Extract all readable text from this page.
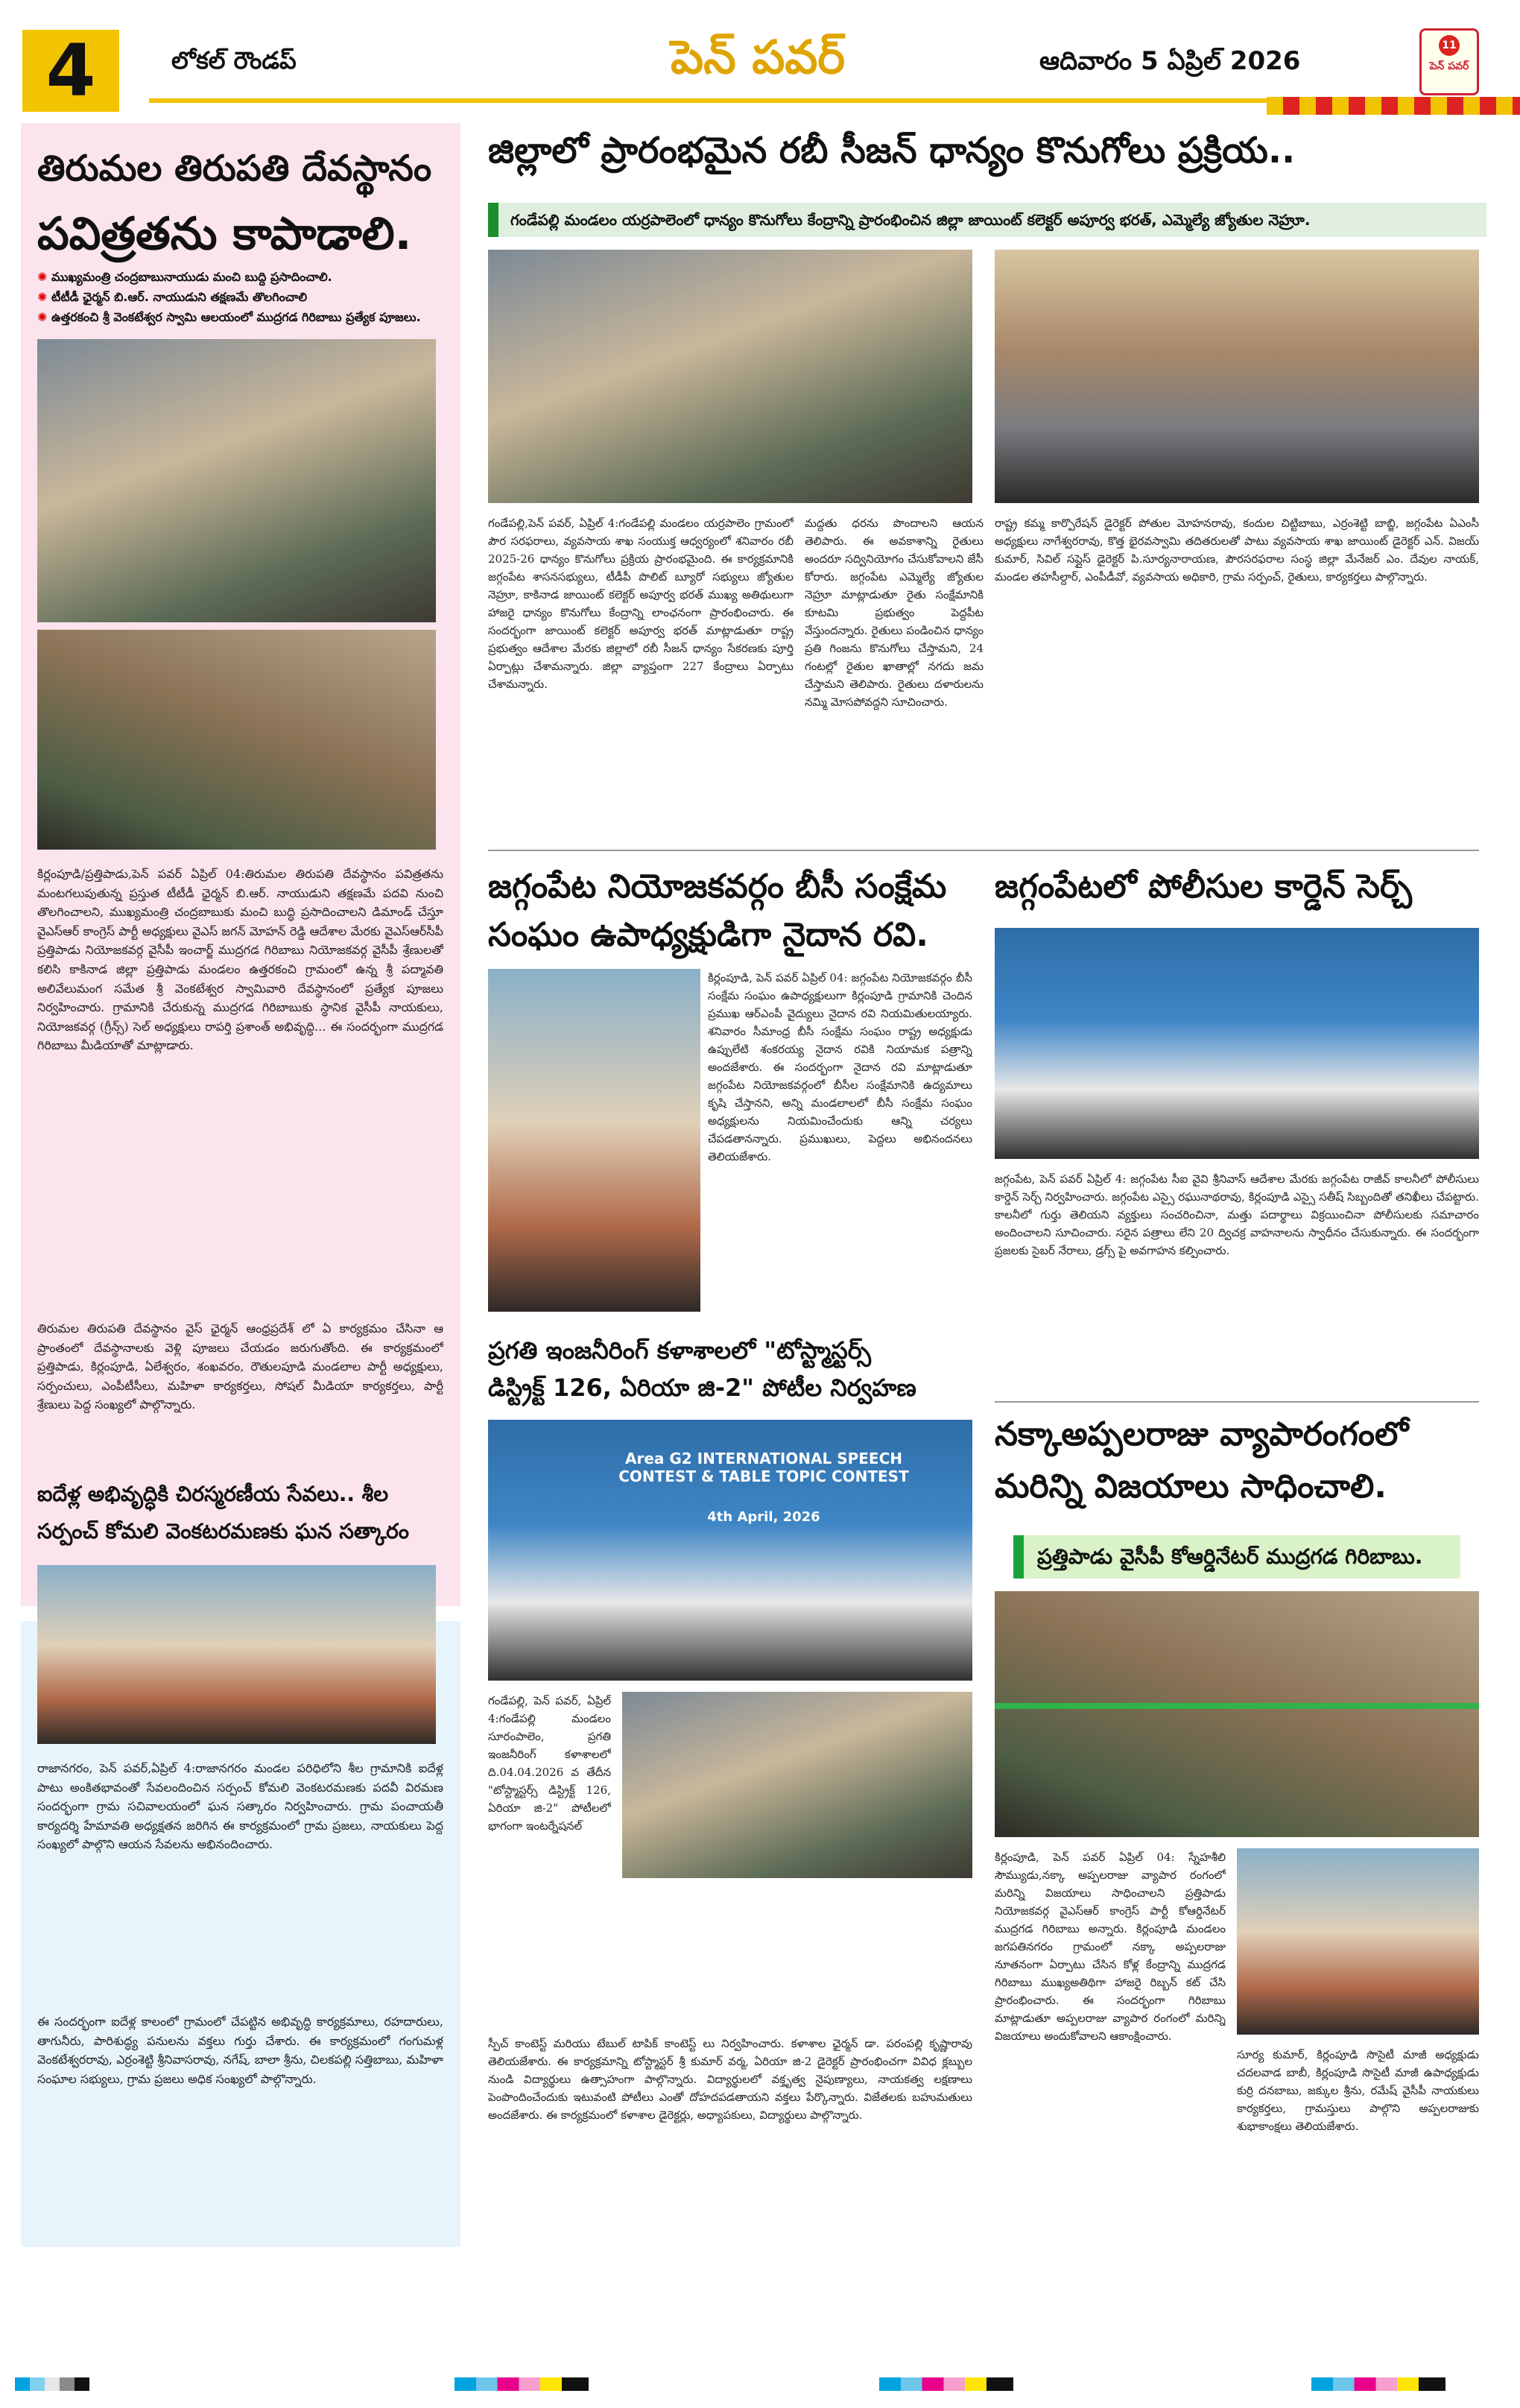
4	లోకల్ రౌండప్	పెన్ పవర్	ఆదివారం 5 ఏప్రిల్ 2026
11
పెన్ పవర్
తిరుమల తిరుపతి దేవస్థానం
పవిత్రతను కాపాడాలి.
✺ ముఖ్యమంత్రి చంద్రబాబునాయుడు మంచి బుద్ది ప్రసాదించాలి.
✺ టీటీడీ ఛైర్మన్ బి.ఆర్. నాయుడుని తక్షణమే తొలగించాలి
✺ ఉత్తరకంచి శ్రీ వెంకటేశ్వర స్వామి ఆలయంలో ముద్రగడ గిరిబాబు ప్రత్యేక పూజలు.
కిర్లంపూడి/ప్రత్తిపాడు,పెన్ పవర్ ఏప్రిల్ 04:తిరుమల తిరుపతి దేవస్థానం పవిత్రతను మంటగలుపుతున్న ప్రస్తుత టీటీడీ ఛైర్మన్ బి.ఆర్. నాయుడుని తక్షణమే పదవి నుంచి తొలగించాలని, ముఖ్యమంత్రి చంద్రబాబుకు మంచి బుద్ధి ప్రసాదించాలని డిమాండ్ చేస్తూ వైఎస్ఆర్ కాంగ్రెస్ పార్టీ అధ్యక్షులు వైఎస్ జగన్ మోహన్ రెడ్డి ఆదేశాల మేరకు వైఎస్ఆర్‌సీపీ ప్రత్తిపాడు నియోజకవర్గ వైసీపీ ఇంచార్జ్ ముద్రగడ గిరిబాబు నియోజకవర్గ వైసీపీ శ్రేణులతో కలిసి కాకినాడ జిల్లా ప్రత్తిపాడు మండలం ఉత్తరకంచి గ్రామంలో ఉన్న శ్రీ పద్మావతి అలివేలుమంగ సమేత శ్రీ వెంకటేశ్వర స్వామివారి దేవస్థానంలో ప్రత్యేక పూజలు నిర్వహించారు. గ్రామానికి చేరుకున్న ముద్రగడ గిరిబాబుకు స్థానిక వైసీపీ నాయకులు, నియోజకవర్గ (గ్రీన్స్) సెల్ అధ్యక్షులు రాపర్తి ప్రశాంత్ అభివృద్ధి... ఈ సందర్భంగా ముద్రగడ గిరిబాబు మీడియాతో మాట్లాడారు.
తిరుమల తిరుపతి దేవస్థానం వైస్ ఛైర్మన్ ఆంధ్రప్రదేశ్ లో ఏ కార్యక్రమం చేసినా ఆ ప్రాంతంలో దేవస్థానాలకు వెళ్లి పూజలు చేయడం జరుగుతోంది. ఈ కార్యక్రమంలో ప్రత్తిపాడు, కిర్లంపూడి, ఏలేశ్వరం, శంఖవరం, రౌతులపూడి మండలాల పార్టీ అధ్యక్షులు, సర్పంచులు, ఎంపీటీసీలు, మహిళా కార్యకర్తలు, సోషల్ మీడియా కార్యకర్తలు, పార్టీ శ్రేణులు పెద్ద సంఖ్యలో పాల్గొన్నారు.
ఐదేళ్ల అభివృద్ధికి చిరస్మరణీయ సేవలు.. శీల
సర్పంచ్ కోమలి వెంకటరమణకు ఘన సత్కారం
రాజానగరం, పెన్ పవర్,ఏప్రిల్ 4:రాజానగరం మండల పరిధిలోని శీల గ్రామానికి ఐదేళ్ల పాటు అంకితభావంతో సేవలందించిన సర్పంచ్ కోమలి వెంకటరమణకు పదవీ విరమణ సందర్భంగా గ్రామ సచివాలయంలో ఘన సత్కారం నిర్వహించారు. గ్రామ పంచాయతీ కార్యదర్శి హేమావతి అధ్యక్షతన జరిగిన ఈ కార్యక్రమంలో గ్రామ ప్రజలు, నాయకులు పెద్ద సంఖ్యలో పాల్గొని ఆయన సేవలను అభినందించారు.
ఈ సందర్భంగా ఐదేళ్ల కాలంలో గ్రామంలో చేపట్టిన అభివృద్ధి కార్యక్రమాలు, రహదారులు, తాగునీరు, పారిశుద్ధ్య పనులను వక్తలు గుర్తు చేశారు. ఈ కార్యక్రమంలో గంగుమళ్ల వెంకటేశ్వరరావు, ఎర్రంశెట్టి శ్రీనివాసరావు, నగేష్, బాలా శ్రీను, చిలకపల్లి సత్తిబాబు, మహిళా సంఘాల సభ్యులు, గ్రామ ప్రజలు అధిక సంఖ్యలో పాల్గొన్నారు.
జిల్లాలో ప్రారంభమైన రబీ సీజన్ ధాన్యం కొనుగోలు ప్రక్రియ..
గండేపల్లి మండలం యర్రపాలెంలో ధాన్యం కొనుగోలు కేంద్రాన్ని ప్రారంభించిన జిల్లా జాయింట్ కలెక్టర్ అపూర్వ భరత్, ఎమ్మెల్యే జ్యోతుల నెహ్రూ.
గండేపల్లి,పెన్ పవర్, ఏప్రిల్ 4:గండేపల్లి మండలం యర్రపాలెం గ్రామంలో పౌర సరఫరాలు, వ్యవసాయ శాఖ సంయుక్త ఆధ్వర్యంలో శనివారం రబీ 2025-26 ధాన్యం కొనుగోలు ప్రక్రియ ప్రారంభమైంది. ఈ కార్యక్రమానికి జగ్గంపేట శాసనసభ్యులు, టీడీపీ పొలిట్ బ్యూరో సభ్యులు జ్యోతుల నెహ్రూ, కాకినాడ జాయింట్ కలెక్టర్ అపూర్వ భరత్ ముఖ్య అతిథులుగా హాజరై ధాన్యం కొనుగోలు కేంద్రాన్ని లాంఛనంగా ప్రారంభించారు. ఈ సందర్భంగా జాయింట్ కలెక్టర్ అపూర్వ భరత్ మాట్లాడుతూ రాష్ట్ర ప్రభుత్వం ఆదేశాల మేరకు జిల్లాలో రబీ సీజన్ ధాన్యం సేకరణకు పూర్తి ఏర్పాట్లు చేశామన్నారు. జిల్లా వ్యాప్తంగా 227 కేంద్రాలు ఏర్పాటు చేశామన్నారు.
మద్దతు ధరను పొందాలని ఆయన తెలిపారు. ఈ అవకాశాన్ని రైతులు అందరూ సద్వినియోగం చేసుకోవాలని జేసీ కోరారు. జగ్గంపేట ఎమ్మెల్యే జ్యోతుల నెహ్రూ మాట్లాడుతూ రైతు సంక్షేమానికి కూటమి ప్రభుత్వం పెద్దపీట వేస్తుందన్నారు. రైతులు పండించిన ధాన్యం ప్రతి గింజను కొనుగోలు చేస్తామని, 24 గంటల్లో రైతుల ఖాతాల్లో నగదు జమ చేస్తామని తెలిపారు. రైతులు దళారులను నమ్మి మోసపోవద్దని సూచించారు.
రాష్ట్ర కమ్మ కార్పొరేషన్ డైరెక్టర్ పోతుల మోహనరావు, కందుల చిట్టిబాబు, ఎర్రంశెట్టి బాబ్జి, జగ్గంపేట ఏఎంసీ అధ్యక్షులు నాగేశ్వరరావు, కొత్త భైరవస్వామి తదితరులతో పాటు వ్యవసాయ శాఖ జాయింట్ డైరెక్టర్ ఎన్. విజయ్ కుమార్, సివిల్ సప్లైస్ డైరెక్టర్ పి.సూర్యనారాయణ, పౌరసరఫరాల సంస్థ జిల్లా మేనేజర్ ఎం. దేవుల నాయక్, మండల తహసీల్దార్, ఎంపీడీవో, వ్యవసాయ అధికారి, గ్రామ సర్పంచ్, రైతులు, కార్యకర్తలు పాల్గొన్నారు.
జగ్గంపేట నియోజకవర్గం బీసీ సంక్షేమ
సంఘం ఉపాధ్యక్షుడిగా నైదాన రవి.
కిర్లంపూడి, పెన్ పవర్ ఏప్రిల్ 04: జగ్గంపేట నియోజకవర్గం బీసీ సంక్షేమ సంఘం ఉపాధ్యక్షులుగా కిర్లంపూడి గ్రామానికి చెందిన ప్రముఖ ఆర్ఎంపీ వైద్యులు నైదాన రవి నియమితులయ్యారు. శనివారం సీమాంధ్ర బీసీ సంక్షేమ సంఘం రాష్ట్ర అధ్యక్షుడు ఉప్పులేటి శంకరయ్య నైదాన రవికి నియామక పత్రాన్ని అందజేశారు. ఈ సందర్భంగా నైదాన రవి మాట్లాడుతూ జగ్గంపేట నియోజకవర్గంలో బీసీల సంక్షేమానికి ఉద్యమాలు కృషి చేస్తానని, అన్ని మండలాలలో బీసీ సంక్షేమ సంఘం అధ్యక్షులను నియమించేందుకు ఆన్ని చర్యలు చేపడతానన్నారు. ప్రముఖులు, పెద్దలు అభినందనలు తెలియజేశారు.
ప్రగతి ఇంజనీరింగ్ కళాశాలలో "టోస్ట్మాస్టర్స్
డిస్ట్రిక్ట్ 126, ఏరియా జి-2" పోటీల నిర్వహణ
Area G2 INTERNATIONAL SPEECH CONTEST & TABLE TOPIC CONTEST
4th April, 2026
గండేపల్లి, పెన్ పవర్, ఏప్రిల్ 4:గండేపల్లి మండలం సూరంపాలెం, ప్రగతి ఇంజనీరింగ్ కళాశాలలో ది.04.04.2026 వ తేదీన "టోస్ట్మాస్టర్స్ డిస్ట్రిక్ట్ 126, ఏరియా జి-2" పోటీలలో భాగంగా ఇంటర్నేషనల్
స్పీచ్ కాంటెస్ట్ మరియు టేబుల్ టాపిక్ కాంటెస్ట్ లు నిర్వహించారు. కళాశాల ఛైర్మన్ డా. పరంపల్లి కృష్ణారావు తెలియజేశారు. ఈ కార్యక్రమాన్ని టోస్ట్మాస్టర్ శ్రీ కుమార్ వర్మ, ఏరియా జి-2 డైరెక్టర్ ప్రారంభించగా వివిధ క్లబ్బుల నుండి విద్యార్థులు ఉత్సాహంగా పాల్గొన్నారు. విద్యార్థులలో వక్తృత్వ నైపుణ్యాలు, నాయకత్వ లక్షణాలు పెంపొందించేందుకు ఇటువంటి పోటీలు ఎంతో దోహదపడతాయని వక్తలు పేర్కొన్నారు. విజేతలకు బహుమతులు అందజేశారు. ఈ కార్యక్రమంలో కళాశాల డైరెక్టర్లు, అధ్యాపకులు, విద్యార్థులు పాల్గొన్నారు.
జగ్గంపేటలో పోలీసుల కార్డెన్ సెర్చ్
జగ్గంపేట, పెన్ పవర్ ఏప్రిల్ 4: జగ్గంపేట సీఐ వైవి శ్రీనివాస్ ఆదేశాల మేరకు జగ్గంపేట రాజీవ్ కాలనీలో పోలీసులు కార్డెన్ సెర్చ్ నిర్వహించారు. జగ్గంపేట ఎస్సై రఘునాథరావు, కిర్లంపూడి ఎస్సై సతీష్ సిబ్బందితో తనిఖీలు చేపట్టారు. కాలనీలో గుర్తు తెలియని వ్యక్తులు సంచరించినా, మత్తు పదార్థాలు విక్రయించినా పోలీసులకు సమాచారం అందించాలని సూచించారు. సరైన పత్రాలు లేని 20 ద్విచక్ర వాహనాలను స్వాధీనం చేసుకున్నారు. ఈ సందర్భంగా ప్రజలకు సైబర్ నేరాలు, డ్రగ్స్ పై అవగాహన కల్పించారు.
నక్కాఅప్పలరాజు వ్యాపారంగంలో
మరిన్ని విజయాలు సాధించాలి.
ప్రత్తిపాడు వైసీపీ కోఆర్డినేటర్ ముద్రగడ గిరిబాబు.
కిర్లంపూడి, పెన్ పవర్ ఏప్రిల్ 04: స్నేహశీలి సౌమ్యుడు,నక్కా అప్పలరాజు వ్యాపార రంగంలో మరిన్ని విజయాలు సాధించాలని ప్రత్తిపాడు నియోజకవర్గ వైఎస్ఆర్ కాంగ్రెస్ పార్టీ కోఆర్డినేటర్ ముద్రగడ గిరిబాబు అన్నారు. కిర్లంపూడి మండలం జగపతినగరం గ్రామంలో నక్కా అప్పలరాజు నూతనంగా ఏర్పాటు చేసిన కోళ్ల కేంద్రాన్ని ముద్రగడ గిరిబాబు ముఖ్యఅతిథిగా హాజరై రిబ్బన్ కట్ చేసి ప్రారంభించారు. ఈ సందర్భంగా గిరిబాబు మాట్లాడుతూ అప్పలరాజు వ్యాపార రంగంలో మరిన్ని విజయాలు అందుకోవాలని ఆకాంక్షించారు.
సూర్య కుమార్, కిర్లంపూడి సొసైటీ మాజీ అధ్యక్షుడు చదలవాడ బాబీ, కిర్లంపూడి సొసైటీ మాజీ ఉపాధ్యక్షుడు కుర్రి దనబాబు, జక్కుల శ్రీను, రమేష్ వైసీపీ నాయకులు కార్యకర్తలు, గ్రామస్తులు పాల్గొని అప్పలరాజుకు శుభాకాంక్షలు తెలియజేశారు.
